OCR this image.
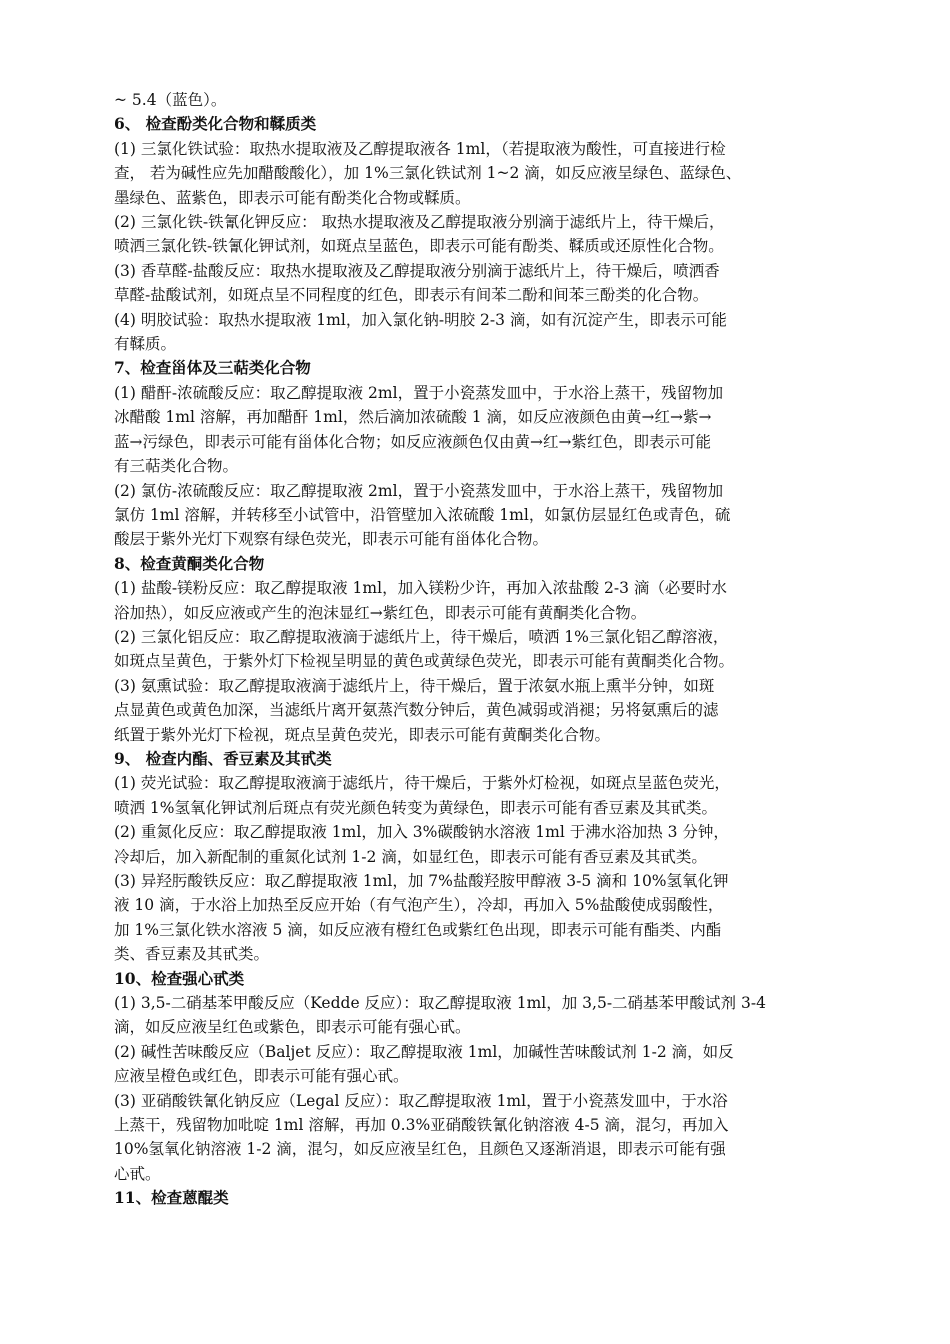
~ 5.4（蓝色）。
6、 检查酚类化合物和鞣质类
(1) 三氯化铁试验：取热水提取液及乙醇提取液各 1ml，（若提取液为酸性，可直接进行检
查， 若为碱性应先加醋酸酸化），加 1%三氯化铁试剂 1~2 滴，如反应液呈绿色、蓝绿色、
墨绿色、蓝紫色，即表示可能有酚类化合物或鞣质。
(2) 三氯化铁-铁氰化钾反应： 取热水提取液及乙醇提取液分别滴于滤纸片上，待干燥后，
喷洒三氯化铁-铁氰化钾试剂，如斑点呈蓝色，即表示可能有酚类、鞣质或还原性化合物。
(3) 香草醛-盐酸反应：取热水提取液及乙醇提取液分别滴于滤纸片上，待干燥后，喷洒香
草醛-盐酸试剂，如斑点呈不同程度的红色，即表示有间苯二酚和间苯三酚类的化合物。
(4) 明胶试验：取热水提取液 1ml，加入氯化钠-明胶 2-3 滴，如有沉淀产生，即表示可能
有鞣质。
7、检查甾体及三萜类化合物
(1) 醋酐-浓硫酸反应：取乙醇提取液 2ml，置于小瓷蒸发皿中，于水浴上蒸干，残留物加
冰醋酸 1ml 溶解，再加醋酐 1ml，然后滴加浓硫酸 1 滴，如反应液颜色由黄→红→紫→
蓝→污绿色，即表示可能有甾体化合物；如反应液颜色仅由黄→红→紫红色，即表示可能
有三萜类化合物。
(2) 氯仿-浓硫酸反应：取乙醇提取液 2ml，置于小瓷蒸发皿中，于水浴上蒸干，残留物加
氯仿 1ml 溶解，并转移至小试管中，沿管壁加入浓硫酸 1ml，如氯仿层显红色或青色，硫
酸层于紫外光灯下观察有绿色荧光，即表示可能有甾体化合物。
8、检查黄酮类化合物
(1) 盐酸-镁粉反应：取乙醇提取液 1ml，加入镁粉少许，再加入浓盐酸 2-3 滴（必要时水
浴加热），如反应液或产生的泡沫显红→紫红色，即表示可能有黄酮类化合物。
(2) 三氯化铝反应：取乙醇提取液滴于滤纸片上，待干燥后，喷洒 1%三氯化铝乙醇溶液，
如斑点呈黄色，于紫外灯下检视呈明显的黄色或黄绿色荧光，即表示可能有黄酮类化合物。
(3) 氨熏试验：取乙醇提取液滴于滤纸片上，待干燥后，置于浓氨水瓶上熏半分钟，如斑
点显黄色或黄色加深，当滤纸片离开氨蒸汽数分钟后，黄色减弱或消褪；另将氨熏后的滤
纸置于紫外光灯下检视，斑点呈黄色荧光，即表示可能有黄酮类化合物。
9、 检查内酯、香豆素及其甙类
(1) 荧光试验：取乙醇提取液滴于滤纸片，待干燥后，于紫外灯检视，如斑点呈蓝色荧光，
喷洒 1%氢氧化钾试剂后斑点有荧光颜色转变为黄绿色，即表示可能有香豆素及其甙类。
(2) 重氮化反应：取乙醇提取液 1ml，加入 3%碳酸钠水溶液 1ml 于沸水浴加热 3 分钟，
冷却后，加入新配制的重氮化试剂 1-2 滴，如显红色，即表示可能有香豆素及其甙类。
(3) 异羟肟酸铁反应：取乙醇提取液 1ml，加 7%盐酸羟胺甲醇液 3-5 滴和 10%氢氧化钾
液 10 滴，于水浴上加热至反应开始（有气泡产生），冷却，再加入 5%盐酸使成弱酸性，
加 1%三氯化铁水溶液 5 滴，如反应液有橙红色或紫红色出现，即表示可能有酯类、内酯
类、香豆素及其甙类。
10、检查强心甙类
(1) 3,5-二硝基苯甲酸反应（Kedde 反应）：取乙醇提取液 1ml，加 3,5-二硝基苯甲酸试剂 3-4
滴，如反应液呈红色或紫色，即表示可能有强心甙。
(2) 碱性苦味酸反应（Baljet 反应）：取乙醇提取液 1ml，加碱性苦味酸试剂 1-2 滴，如反
应液呈橙色或红色，即表示可能有强心甙。
(3) 亚硝酸铁氰化钠反应（Legal 反应）：取乙醇提取液 1ml，置于小瓷蒸发皿中，于水浴
上蒸干，残留物加吡啶 1ml 溶解，再加 0.3%亚硝酸铁氰化钠溶液 4-5 滴，混匀，再加入
10%氢氧化钠溶液 1-2 滴，混匀，如反应液呈红色，且颜色又逐渐消退，即表示可能有强
心甙。
11、检查蒽醌类
